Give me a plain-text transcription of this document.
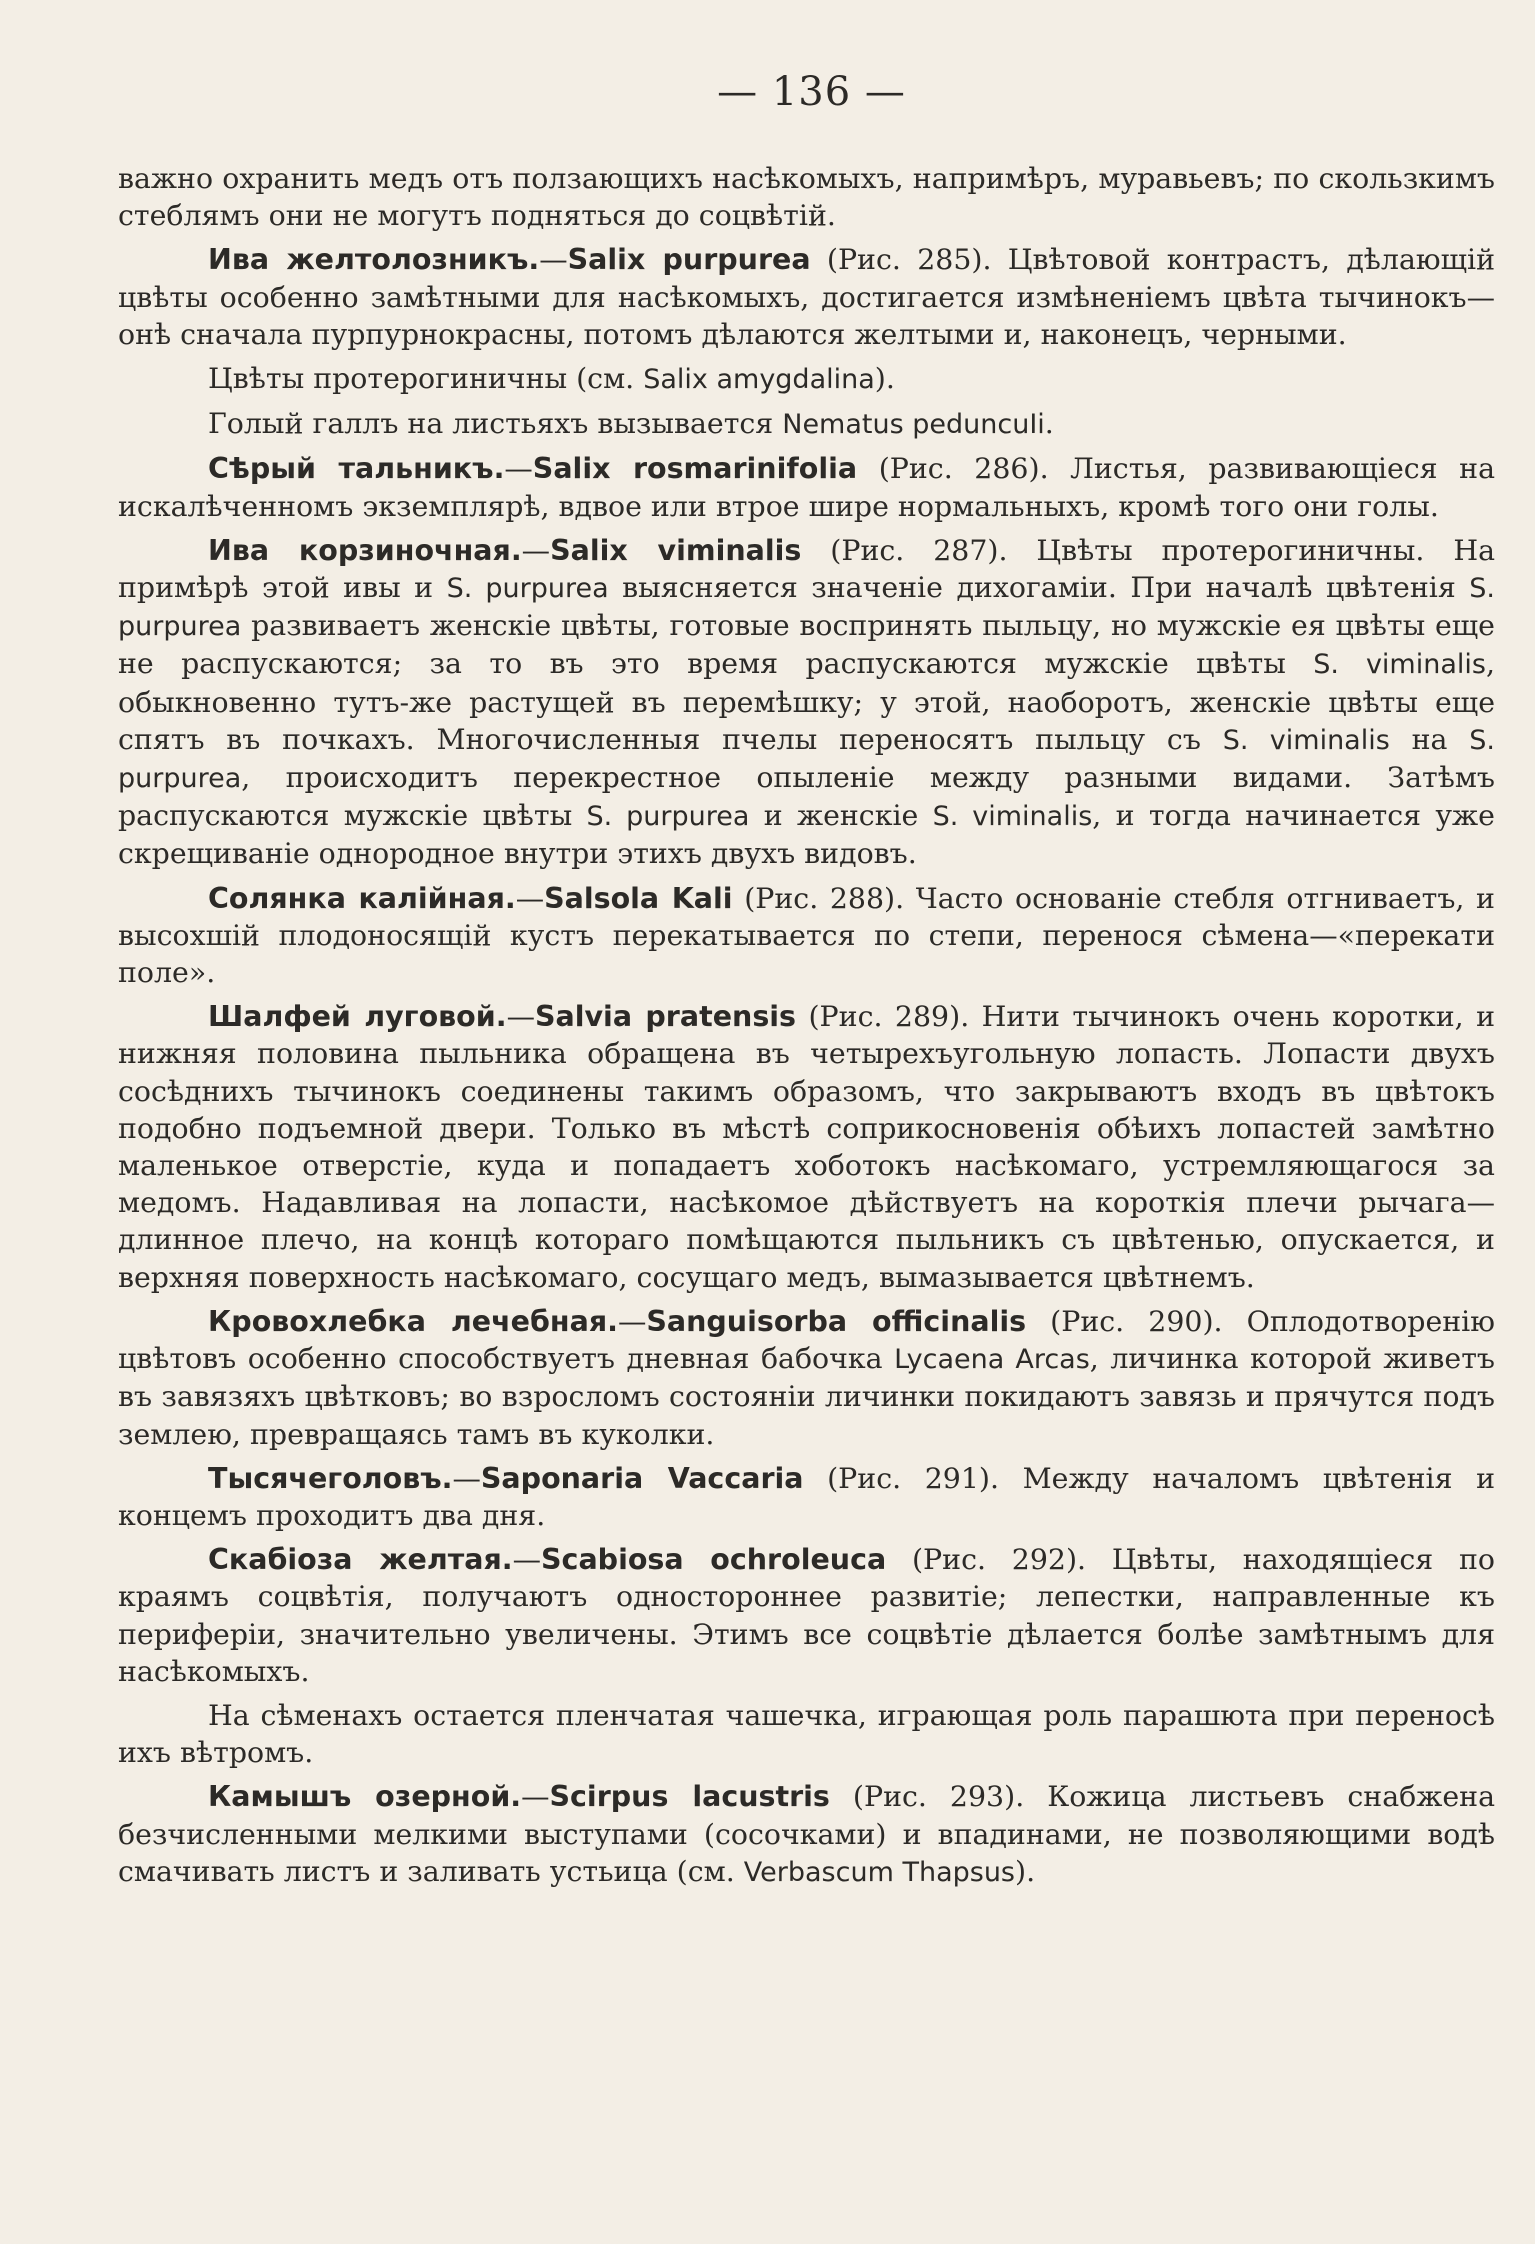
— 136 —

важно охранить медъ отъ ползающихъ насѣкомыхъ, напримѣръ, муравьевъ; по скользкимъ стеблямъ они не могутъ подняться до соцвѣтій.

Ива желтолозникъ.—Salix purpurea (Рис. 285). Цвѣтовой контрастъ, дѣлающій цвѣты особенно замѣтными для насѣкомыхъ, достигается измѣненіемъ цвѣта тычинокъ—онѣ сначала пурпурнокрасны, потомъ дѣлаются желтыми и, наконецъ, черными.

Цвѣты протерогиничны (см. Salix amygdalina).

Голый галлъ на листьяхъ вызывается Nematus peduncuIi.

Сѣрый тальникъ.—Salix rosmarinifolia (Рис. 286). Листья, развивающіеся на искалѣченномъ экземплярѣ, вдвое или втрое шире нормальныхъ, кромѣ того они голы.

Ива корзиночная.—Salix viminalis (Рис. 287). Цвѣты протерогиничны. На примѣрѣ этой ивы и S. purpurea выясняется значеніе дихогаміи. При началѣ цвѣтенія S. purpurea развиваетъ женскіе цвѣты, готовые воспринять пыльцу, но мужскіе ея цвѣты еще не распускаются; за то въ это время распускаются мужскіе цвѣты S. viminalis, обыкновенно тутъ-же растущей въ перемѣшку; у этой, наоборотъ, женскіе цвѣты еще спятъ въ почкахъ. Многочисленныя пчелы переносятъ пыльцу съ S. viminalis на S. purpurea, происходитъ перекрестное опыленіе между разными видами. Затѣмъ распускаются мужскіе цвѣты S. purpurea и женскіе S. viminalis, и тогда начинается уже скрещиваніе однородное внутри этихъ двухъ видовъ.

Солянка калійная.—Salsola Kali (Рис. 288). Часто основаніе стебля отгниваетъ, и высохшій плодоносящій кустъ перекатывается по степи, перенося сѣмена—«перекати поле».

Шалфей луговой.—Salvia pratensis (Рис. 289). Нити тычинокъ очень коротки, и нижняя половина пыльника обращена въ четырехъугольную лопасть. Лопасти двухъ сосѣднихъ тычинокъ соединены такимъ образомъ, что закрываютъ входъ въ цвѣтокъ подобно подъемной двери. Только въ мѣстѣ соприкосновенія обѣихъ лопастей замѣтно маленькое отверстіе, куда и попадаетъ хоботокъ насѣкомаго, устремляющагося за медомъ. Надавливая на лопасти, насѣкомое дѣйствуетъ на короткія плечи рычага—длинное плечо, на концѣ котораго помѣщаются пыльникъ съ цвѣтенью, опускается, и верхняя поверхность насѣкомаго, сосущаго медъ, вымазывается цвѣтнемъ.

Кровохлебка лечебная.—Sanguisorba officinalis (Рис. 290). Оплодотворенію цвѣтовъ особенно способствуетъ дневная бабочка Lycaena Arcas, личинка которой живетъ въ завязяхъ цвѣтковъ; во взросломъ состояніи личинки покидаютъ завязь и прячутся подъ землею, превращаясь тамъ въ куколки.

Тысячеголовъ.—Saponaria Vaccaria (Рис. 291). Между началомъ цвѣтенія и концемъ проходитъ два дня.

Скабіоза желтая.—Scabiosa ochroleuca (Рис. 292). Цвѣты, находящіеся по краямъ соцвѣтія, получаютъ одностороннее развитіе; лепестки, направленные къ периферіи, значительно увеличены. Этимъ все соцвѣтіе дѣлается болѣе замѣтнымъ для насѣкомыхъ.

На сѣменахъ остается пленчатая чашечка, играющая роль парашюта при переносѣ ихъ вѣтромъ.

Камышъ озерной.—Scirpus lacustris (Рис. 293). Кожица листьевъ снабжена безчисленными мелкими выступами (сосочками) и впадинами, не позволяющими водѣ смачивать листъ и заливать устьица (см. Verbascum Thapsus).
